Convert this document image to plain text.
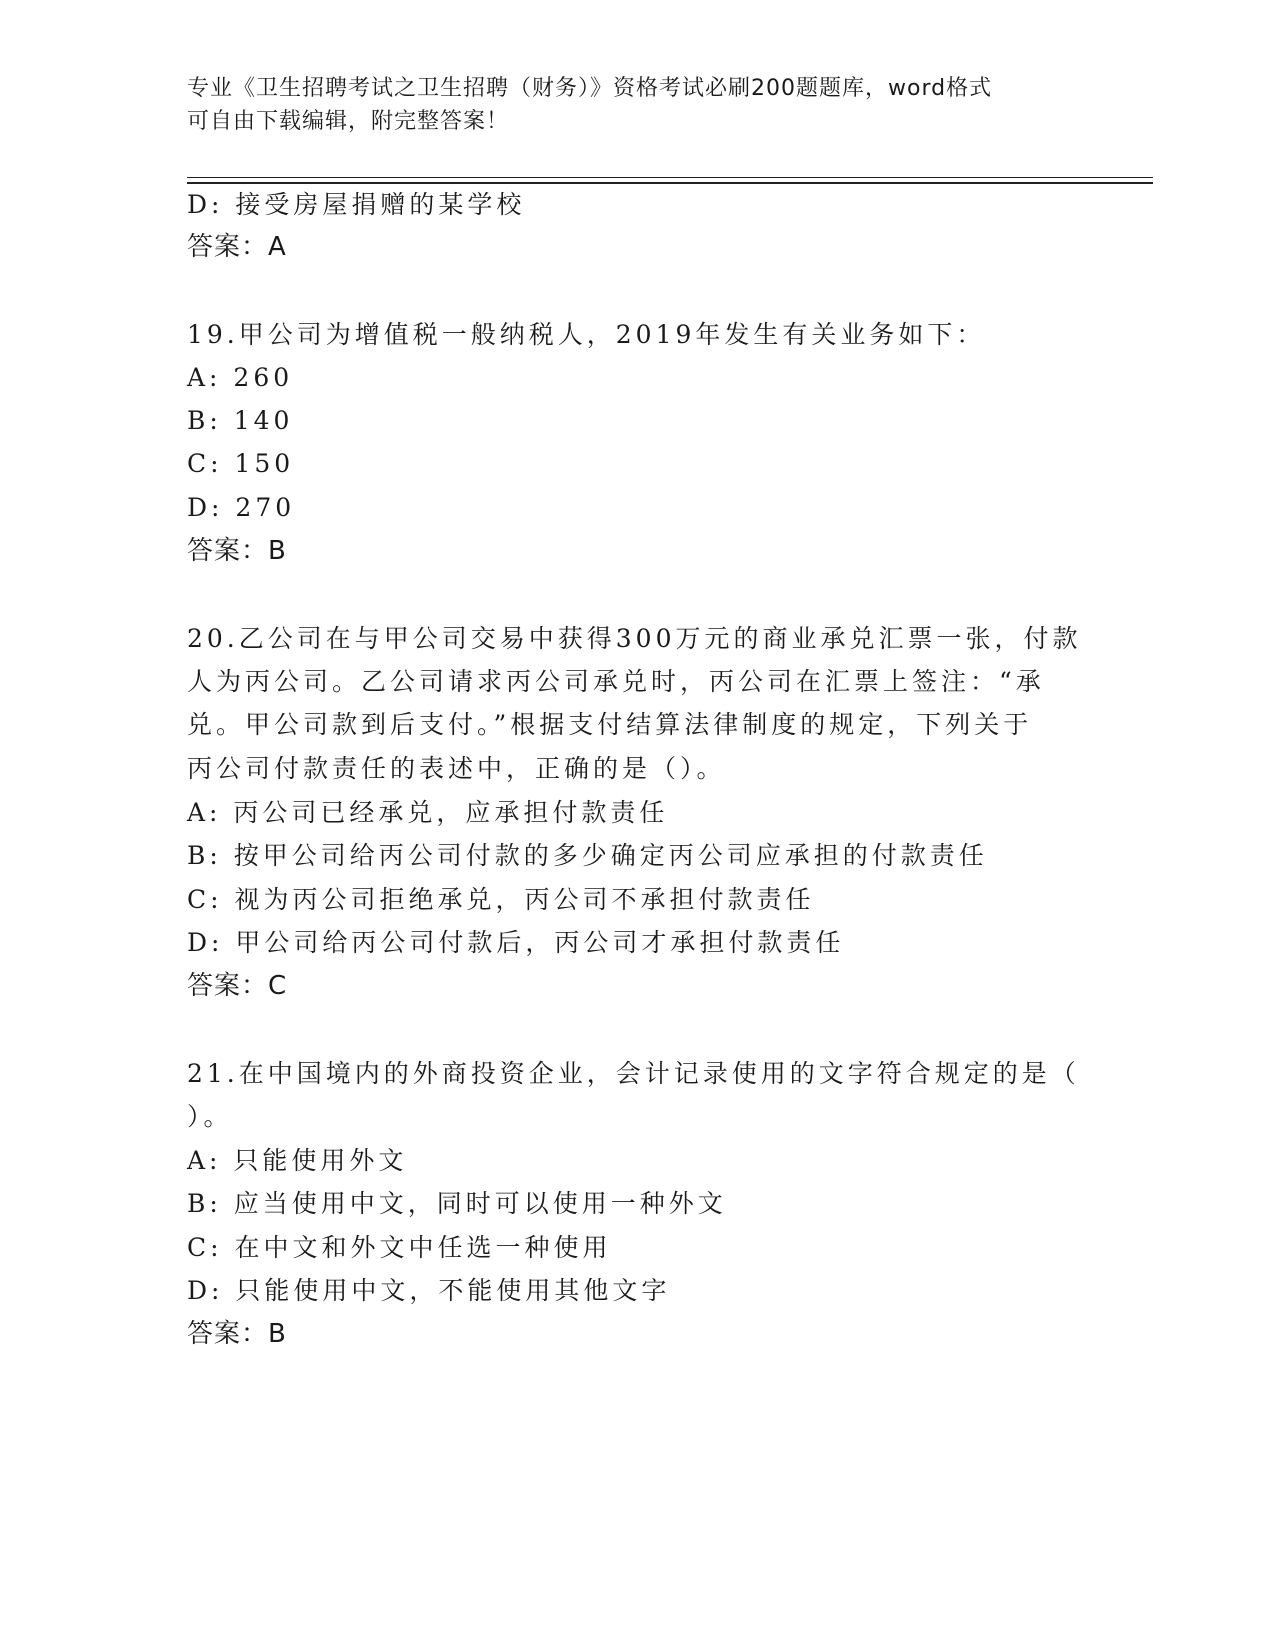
专业《卫生招聘考试之卫生招聘（财务）》资格考试必刷200题题库，word格式
可自由下载编辑，附完整答案！
D: 接受房屋捐赠的某学校
答案：A
19.甲公司为增值税一般纳税人，2019年发生有关业务如下：
A: 260
B: 140
C: 150
D: 270
答案：B
20.乙公司在与甲公司交易中获得300万元的商业承兑汇票一张，付款
人为丙公司。乙公司请求丙公司承兑时，丙公司在汇票上签注：“承
兑。甲公司款到后支付。”根据支付结算法律制度的规定，下列关于
丙公司付款责任的表述中，正确的是（）。
A: 丙公司已经承兑，应承担付款责任
B: 按甲公司给丙公司付款的多少确定丙公司应承担的付款责任
C: 视为丙公司拒绝承兑，丙公司不承担付款责任
D: 甲公司给丙公司付款后，丙公司才承担付款责任
答案：C
21.在中国境内的外商投资企业，会计记录使用的文字符合规定的是（
）。
A: 只能使用外文
B: 应当使用中文，同时可以使用一种外文
C: 在中文和外文中任选一种使用
D: 只能使用中文，不能使用其他文字
答案：B
